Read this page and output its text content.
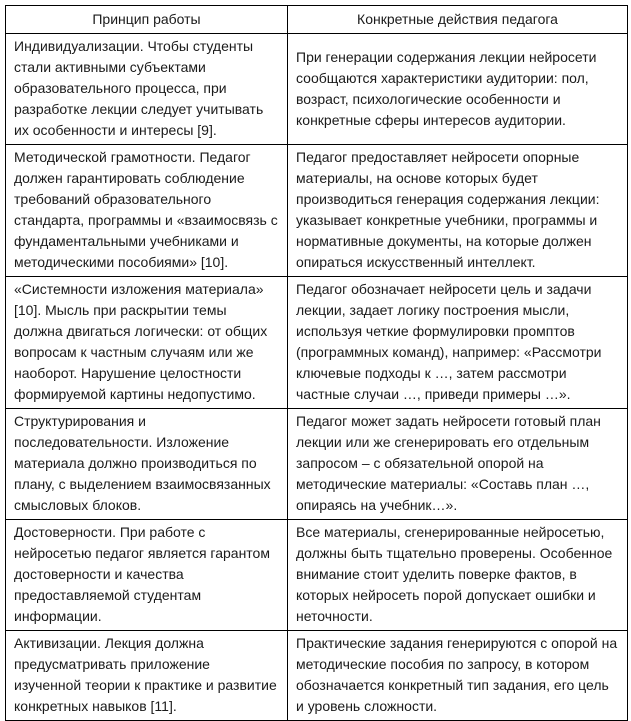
Принцип работы	Конкретные действия педагога
Индивидуализации. Чтобы студенты стали активными субъектами образовательного процесса, при разработке лекции следует учитывать их особенности и интересы [9].	При генерации содержания лекции нейросети сообщаются характеристики аудитории: пол, возраст, психологические особенности и конкретные сферы интересов аудитории.
Методической грамотности. Педагог должен гарантировать соблюдение требований образовательного стандарта, программы и «взаимосвязь с фундаментальными учебниками и методическими пособиями» [10].	Педагог предоставляет нейросети опорные материалы, на основе которых будет производиться генерация содержания лекции: указывает конкретные учебники, программы и нормативные документы, на которые должен опираться искусственный интеллект.
«Системности изложения материала» [10]. Мысль при раскрытии темы должна двигаться логически: от общих вопросам к частным случаям или же наоборот. Нарушение целостности формируемой картины недопустимо.	Педагог обозначает нейросети цель и задачи лекции, задает логику построения мысли, используя четкие формулировки промптов (программных команд), например: «Рассмотри ключевые подходы к …, затем рассмотри частные случаи …, приведи примеры …».
Структурирования и последовательности. Изложение материала должно производиться по плану, с выделением взаимосвязанных смысловых блоков.	Педагог может задать нейросети готовый план лекции или же сгенерировать его отдельным запросом – с обязательной опорой на методические материалы: «Составь план …, опираясь на учебник…».
Достоверности. При работе с нейросетью педагог является гарантом достоверности и качества предоставляемой студентам информации.	Все материалы, сгенерированные нейросетью, должны быть тщательно проверены. Особенное внимание стоит уделить поверке фактов, в которых нейросеть порой допускает ошибки и неточности.
Активизации. Лекция должна предусматривать приложение изученной теории к практике и развитие конкретных навыков [11].	Практические задания генерируются с опорой на методические пособия по запросу, в котором обозначается конкретный тип задания, его цель и уровень сложности.
